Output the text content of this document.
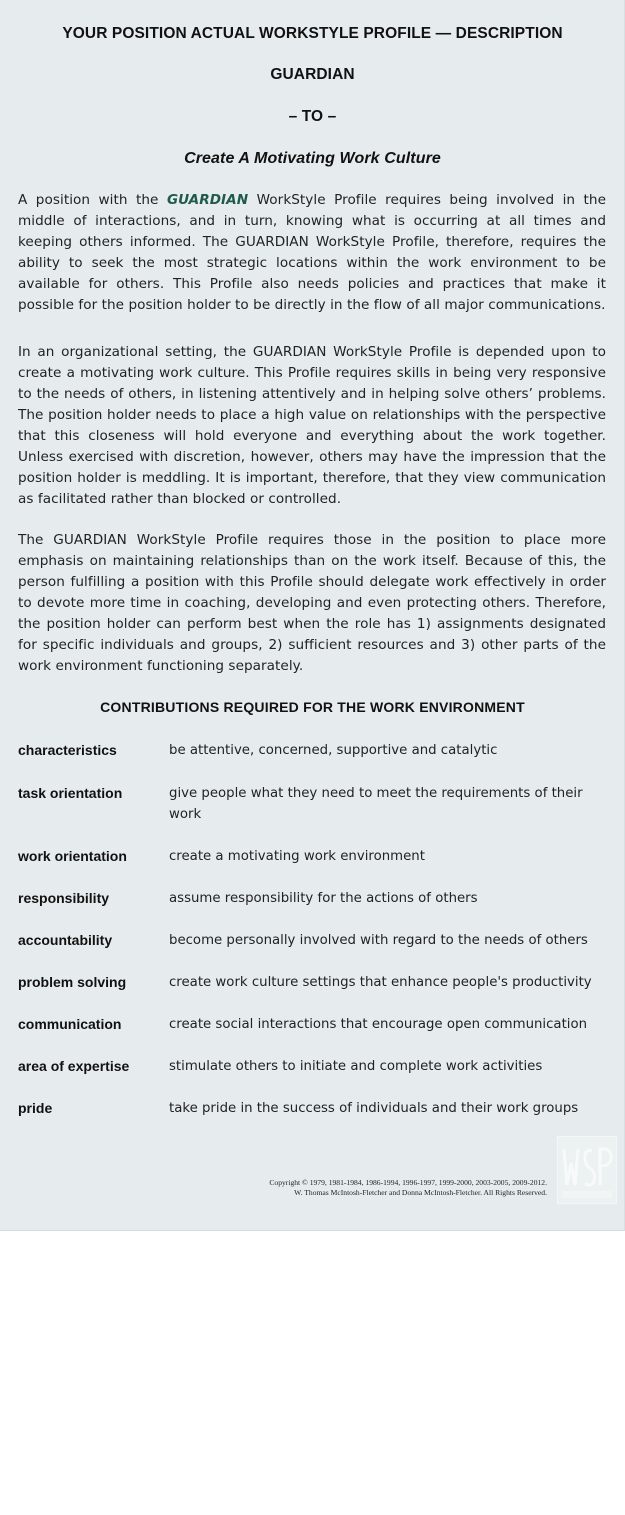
YOUR POSITION ACTUAL WORKSTYLE PROFILE — DESCRIPTION
GUARDIAN
– TO –
Create A Motivating Work Culture
A position with the GUARDIAN WorkStyle Profile requires being involved in the middle of interactions, and in turn, knowing what is occurring at all times and keeping others informed. The GUARDIAN WorkStyle Profile, therefore, requires the ability to seek the most strategic locations within the work environment to be available for others. This Profile also needs policies and practices that make it possible for the position holder to be directly in the flow of all major communications.
In an organizational setting, the GUARDIAN WorkStyle Profile is depended upon to create a motivating work culture. This Profile requires skills in being very responsive to the needs of others, in listening attentively and in helping solve others’ problems. The position holder needs to place a high value on relationships with the perspective that this closeness will hold everyone and everything about the work together. Unless exercised with discretion, however, others may have the impression that the position holder is meddling. It is important, therefore, that they view communication as facilitated rather than blocked or controlled.
The GUARDIAN WorkStyle Profile requires those in the position to place more emphasis on maintaining relationships than on the work itself. Because of this, the person fulfilling a position with this Profile should delegate work effectively in order to devote more time in coaching, developing and even protecting others. Therefore, the position holder can perform best when the role has 1) assignments designated for specific individuals and groups, 2) sufficient resources and 3) other parts of the work environment functioning separately.
CONTRIBUTIONS REQUIRED FOR THE WORK ENVIRONMENT
characteristics	be attentive, concerned, supportive and catalytic
task orientation	give people what they need to meet the requirements of their work
work orientation	create a motivating work environment
responsibility	assume responsibility for the actions of others
accountability	become personally involved with regard to the needs of others
problem solving	create work culture settings that enhance people's productivity
communication	create social interactions that encourage open communication
area of expertise	stimulate others to initiate and complete work activities
pride	take pride in the success of individuals and their work groups
Copyright © 1979, 1981-1984, 1986-1994, 1996-1997, 1999-2000, 2003-2005, 2009-2012.
W. Thomas McIntosh-Fletcher and Donna McIntosh-Fletcher. All Rights Reserved.
